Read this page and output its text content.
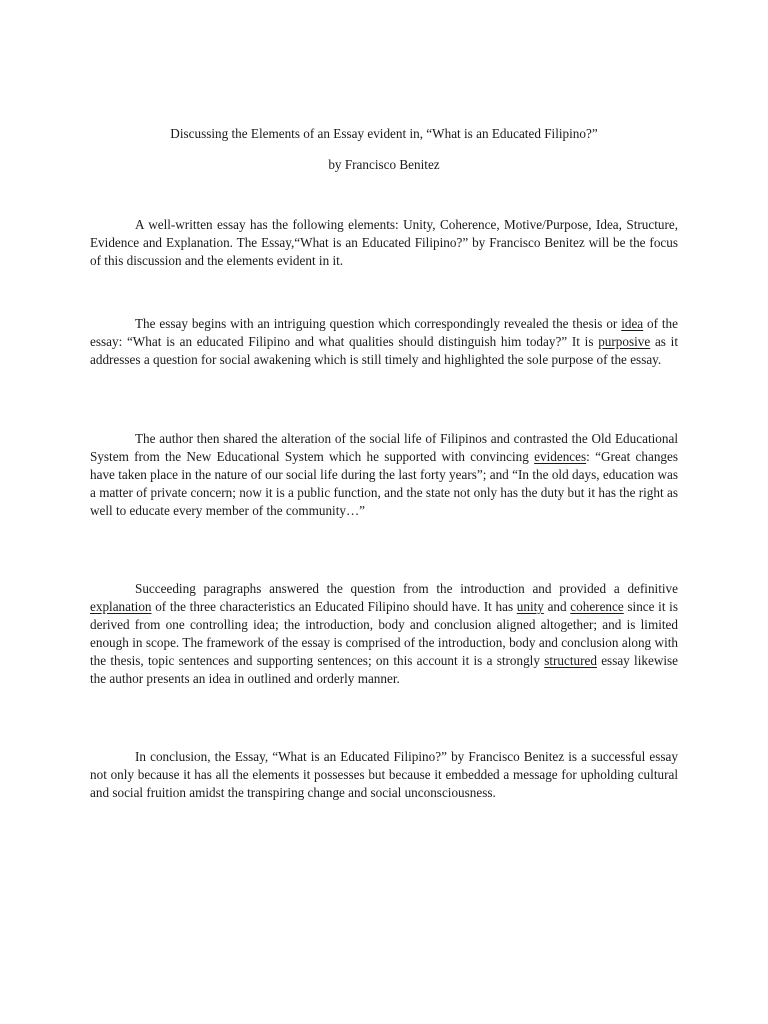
Discussing the Elements of an Essay evident in, “What is an Educated Filipino?”
by Francisco Benitez

A well-written essay has the following elements: Unity, Coherence, Motive/Purpose, Idea, Structure, Evidence and Explanation. The Essay,“What is an Educated Filipino?” by Francisco Benitez will be the focus of this discussion and the elements evident in it.

The essay begins with an intriguing question which correspondingly revealed the thesis or idea of the essay: “What is an educated Filipino and what qualities should distinguish him today?” It is purposive as it addresses a question for social awakening which is still timely and highlighted the sole purpose of the essay.

The author then shared the alteration of the social life of Filipinos and contrasted the Old Educational System from the New Educational System which he supported with convincing evidences: “Great changes have taken place in the nature of our social life during the last forty years”; and “In the old days, education was a matter of private concern; now it is a public function, and the state not only has the duty but it has the right as well to educate every member of the community…”

Succeeding paragraphs answered the question from the introduction and provided a definitive explanation of the three characteristics an Educated Filipino should have. It has unity and coherence since it is derived from one controlling idea; the introduction, body and conclusion aligned altogether; and is limited enough in scope. The framework of the essay is comprised of the introduction, body and conclusion along with the thesis, topic sentences and supporting sentences; on this account it is a strongly structured essay likewise the author presents an idea in outlined and orderly manner.

In conclusion, the Essay, “What is an Educated Filipino?” by Francisco Benitez is a successful essay not only because it has all the elements it possesses but because it embedded a message for upholding cultural and social fruition amidst the transpiring change and social unconsciousness.
